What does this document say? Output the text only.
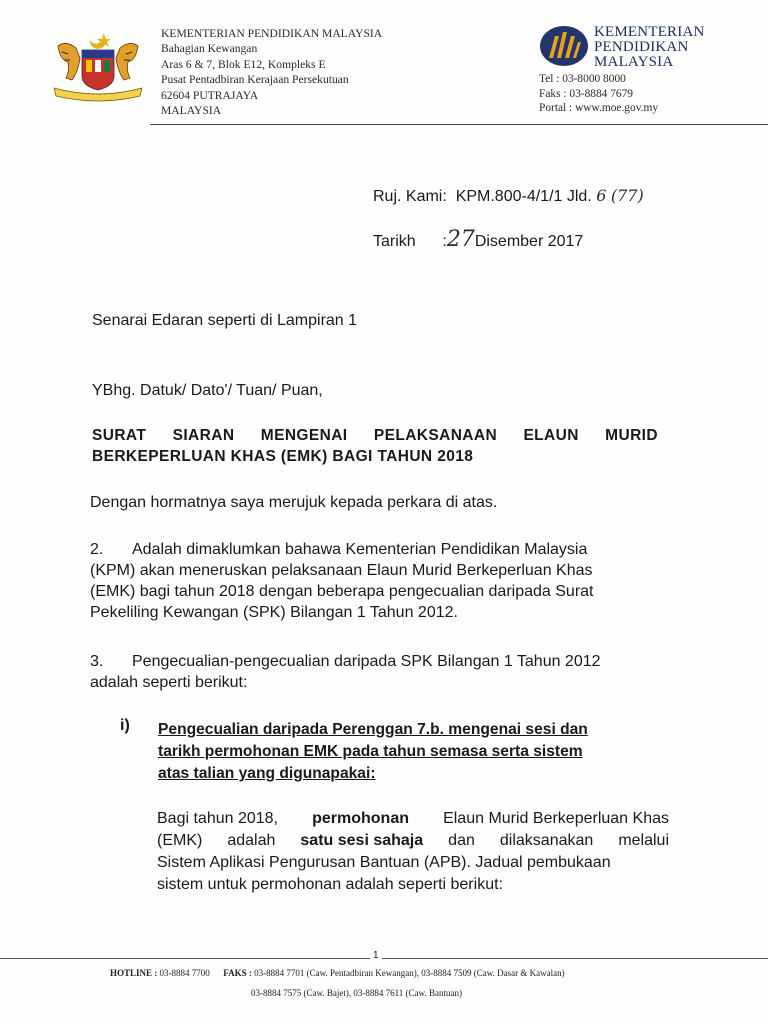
· · · · · ·
KEMENTERIAN PENDIDIKAN MALAYSIA
Bahagian Kewangan
Aras 6 & 7, Blok E12, Kompleks E
Pusat Pentadbiran Kerajaan Persekutuan
62604 PUTRAJAYA
MALAYSIA
KEMENTERIAN
PENDIDIKAN
MALAYSIA
Tel : 03-8000 8000
Faks : 03-8884 7679
Portal : www.moe.gov.my
Ruj. Kami: KPM.800-4/1/1 Jld. 6 (77)
Tarikh      :27Disember 2017
Senarai Edaran seperti di Lampiran 1
YBhg. Datuk/ Dato'/ Tuan/ Puan,
SURAT SIARAN MENGENAI PELAKSANAAN ELAUN MURID
BERKEPERLUAN KHAS (EMK) BAGI TAHUN 2018
Dengan hormatnya saya merujuk kepada perkara di atas.
2. Adalah dimaklumkan bahawa Kementerian Pendidikan Malaysia
(KPM) akan meneruskan pelaksanaan Elaun Murid Berkeperluan Khas
(EMK) bagi tahun 2018 dengan beberapa pengecualian daripada Surat
Pekeliling Kewangan (SPK) Bilangan 1 Tahun 2012.
3. Pengecualian-pengecualian daripada SPK Bilangan 1 Tahun 2012
adalah seperti berikut:
i) Pengecualian daripada Perenggan 7.b. mengenai sesi dan
tarikh permohonan EMK pada tahun semasa serta sistem
atas talian yang digunapakai:
Bagi tahun 2018, permohonan Elaun Murid Berkeperluan Khas
(EMK) adalah satu sesi sahaja dan dilaksanakan melalui
Sistem Aplikasi Pengurusan Bantuan (APB). Jadual pembukaan
sistem untuk permohonan adalah seperti berikut:
1
HOTLINE : 03-8884 7700 FAKS : 03-8884 7701 (Caw. Pentadbiran Kewangan), 03-8884 7509 (Caw. Dasar & Kawalan)
03-8884 7575 (Caw. Bajet), 03-8884 7611 (Caw. Bantuan)
